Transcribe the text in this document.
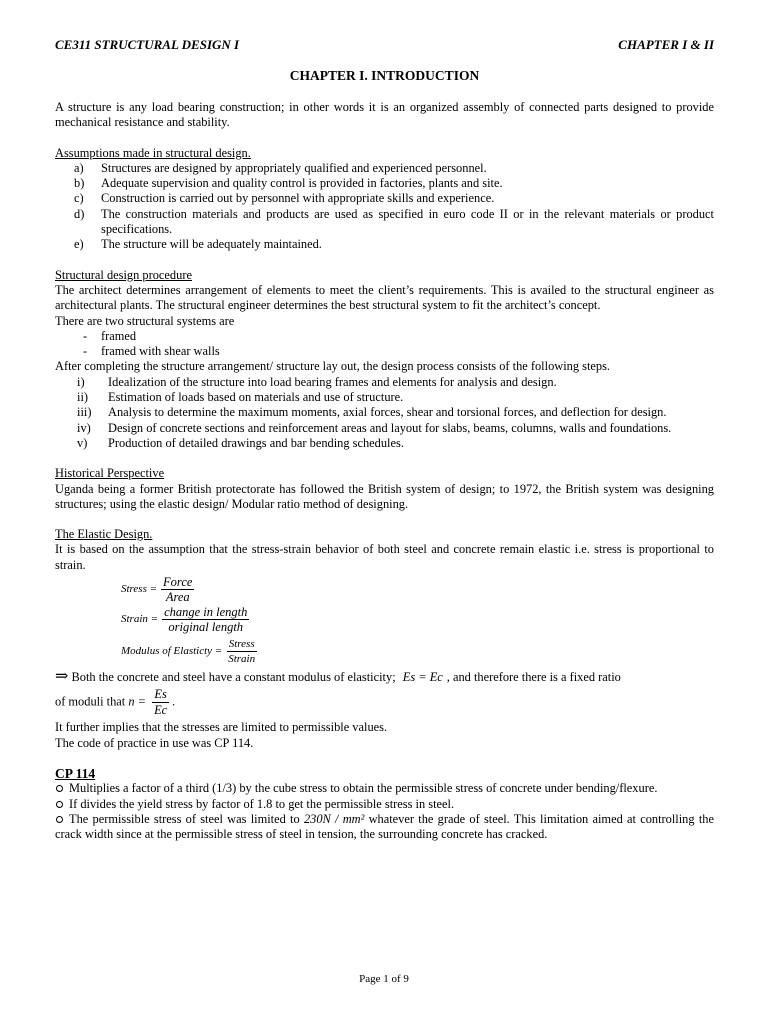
CE311 STRUCTURAL DESIGN I	CHAPTER I & II
CHAPTER I. INTRODUCTION

A structure is any load bearing construction; in other words it is an organized assembly of connected parts designed to provide mechanical resistance and stability.

Assumptions made in structural design.

a) Structures are designed by appropriately qualified and experienced personnel.
b) Adequate supervision and quality control is provided in factories, plants and site.
c) Construction is carried out by personnel with appropriate skills and experience.
d) The construction materials and products are used as specified in euro code II or in the relevant materials or product specifications.
e) The structure will be adequately maintained.

Structural design procedure

The architect determines arrangement of elements to meet the client’s requirements. This is availed to the structural engineer as architectural plants. The structural engineer determines the best structural system to fit the architect’s concept.

There are two structural systems are

- framed
- framed with shear walls

After completing the structure arrangement/ structure lay out, the design process consists of the following steps.

i) Idealization of the structure into load bearing frames and elements for analysis and design.
ii) Estimation of loads based on materials and use of structure.
iii) Analysis to determine the maximum moments, axial forces, shear and torsional forces, and deflection for design.
iv) Design of concrete sections and reinforcement areas and layout for slabs, beams, columns, walls and foundations.
v) Production of detailed drawings and bar bending schedules.

Historical Perspective

Uganda being a former British protectorate has followed the British system of design; to 1972, the British system was designing structures; using the elastic design/ Modular ratio method of designing.

The Elastic Design.

It is based on the assumption that the stress-strain behavior of both steel and concrete remain elastic i.e. stress is proportional to strain.

Stress = $\frac{\text{Force}}{\text{Area}}$
Strain = $\frac{\text{change in length}}{\text{original length}}$
Modulus of Elasticty = $\frac{\text{Stress}}{\text{Strain}}$

⇒ Both the concrete and steel have a constant modulus of elasticity; Es = Ec , and therefore there is a fixed ratio

of moduli that $n = \frac{Es}{Ec}$ .

It further implies that the stresses are limited to permissible values.

The code of practice in use was CP 114.

CP 114

Multiplies a factor of a third (1/3) by the cube stress to obtain the permissible stress of concrete under bending/flexure.

If divides the yield stress by factor of 1.8 to get the permissible stress in steel.

The permissible stress of steel was limited to 230N / mm² whatever the grade of steel. This limitation aimed at controlling the crack width since at the permissible stress of steel in tension, the surrounding concrete has cracked.

Page 1 of 9
